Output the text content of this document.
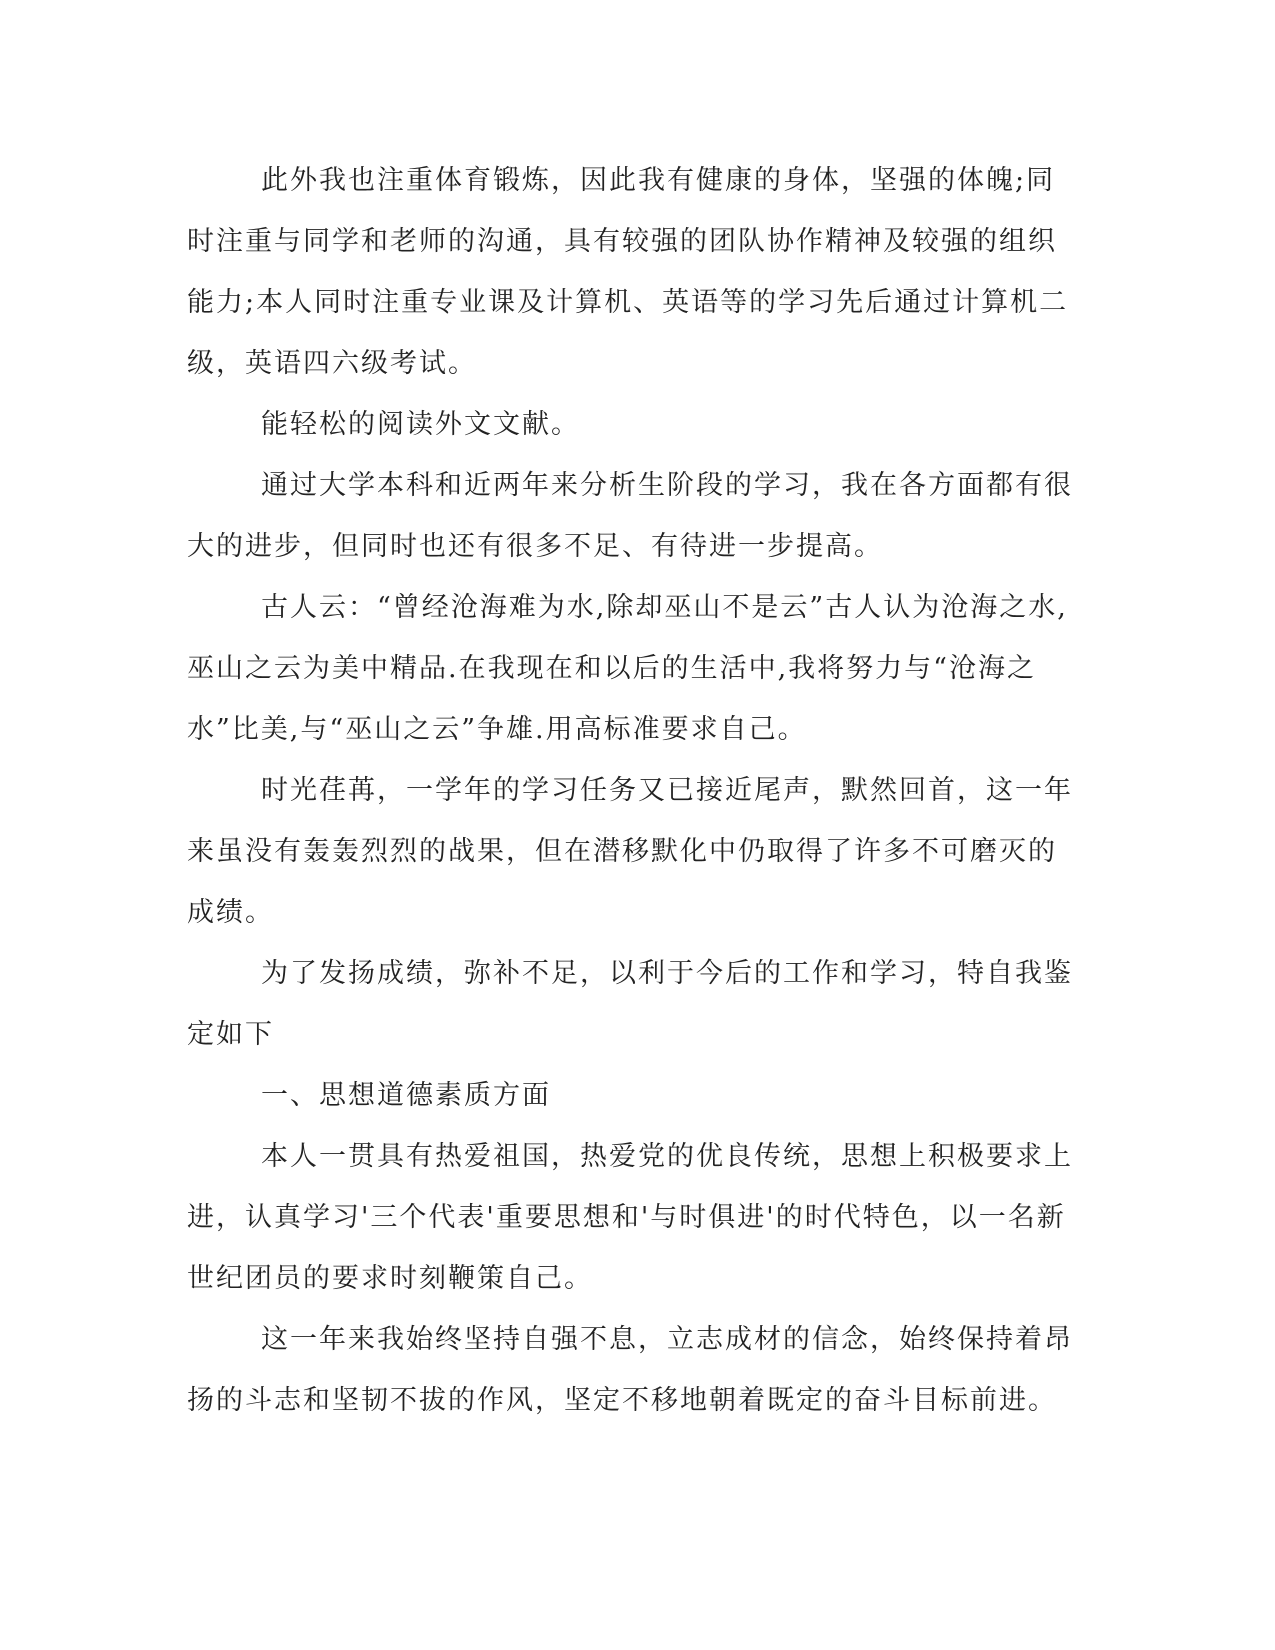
此外我也注重体育锻炼，因此我有健康的身体，坚强的体魄;同时注重与同学和老师的沟通，具有较强的团队协作精神及较强的组织能力;本人同时注重专业课及计算机、英语等的学习先后通过计算机二级，英语四六级考试。

能轻松的阅读外文文献。

通过大学本科和近两年来分析生阶段的学习，我在各方面都有很大的进步，但同时也还有很多不足、有待进一步提高。

古人云：“曾经沧海难为水,除却巫山不是云”古人认为沧海之水,巫山之云为美中精品.在我现在和以后的生活中,我将努力与“沧海之水”比美,与“巫山之云”争雄.用高标准要求自己。

时光荏苒，一学年的学习任务又已接近尾声，默然回首，这一年来虽没有轰轰烈烈的战果，但在潜移默化中仍取得了许多不可磨灭的成绩。

为了发扬成绩，弥补不足，以利于今后的工作和学习，特自我鉴定如下

一、思想道德素质方面

本人一贯具有热爱祖国，热爱党的优良传统，思想上积极要求上进，认真学习'三个代表'重要思想和'与时俱进'的时代特色，以一名新世纪团员的要求时刻鞭策自己。

这一年来我始终坚持自强不息，立志成材的信念，始终保持着昂扬的斗志和坚韧不拔的作风，坚定不移地朝着既定的奋斗目标前进。
